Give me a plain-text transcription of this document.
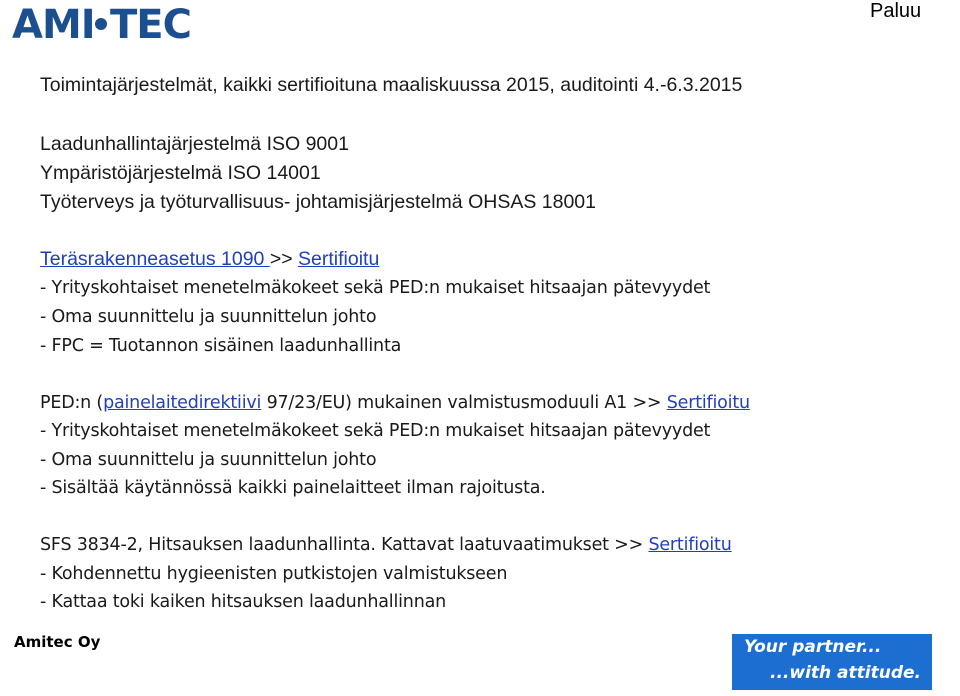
AMI TEC	Paluu
Toimintajärjestelmät, kaikki sertifioituna maaliskuussa 2015, auditointi 4.-6.3.2015
Laadunhallintajärjestelmä ISO 9001
Ympäristöjärjestelmä ISO 14001
Työterveys ja työturvallisuus- johtamisjärjestelmä OHSAS 18001
Teräsrakenneasetus 1090 >> Sertifioitu
- Yrityskohtaiset menetelmäkokeet sekä PED:n mukaiset hitsaajan pätevyydet
- Oma suunnittelu ja suunnittelun johto
- FPC = Tuotannon sisäinen laadunhallinta
PED:n (painelaitedirektiivi 97/23/EU) mukainen valmistusmoduuli A1 >> Sertifioitu
- Yrityskohtaiset menetelmäkokeet sekä PED:n mukaiset hitsaajan pätevyydet
- Oma suunnittelu ja suunnittelun johto
- Sisältää käytännössä kaikki painelaitteet ilman rajoitusta.
SFS 3834-2, Hitsauksen laadunhallinta. Kattavat laatuvaatimukset >> Sertifioitu
- Kohdennettu hygieenisten putkistojen valmistukseen
- Kattaa toki kaiken hitsauksen laadunhallinnan
Amitec Oy	Your partner...
...with attitude.
